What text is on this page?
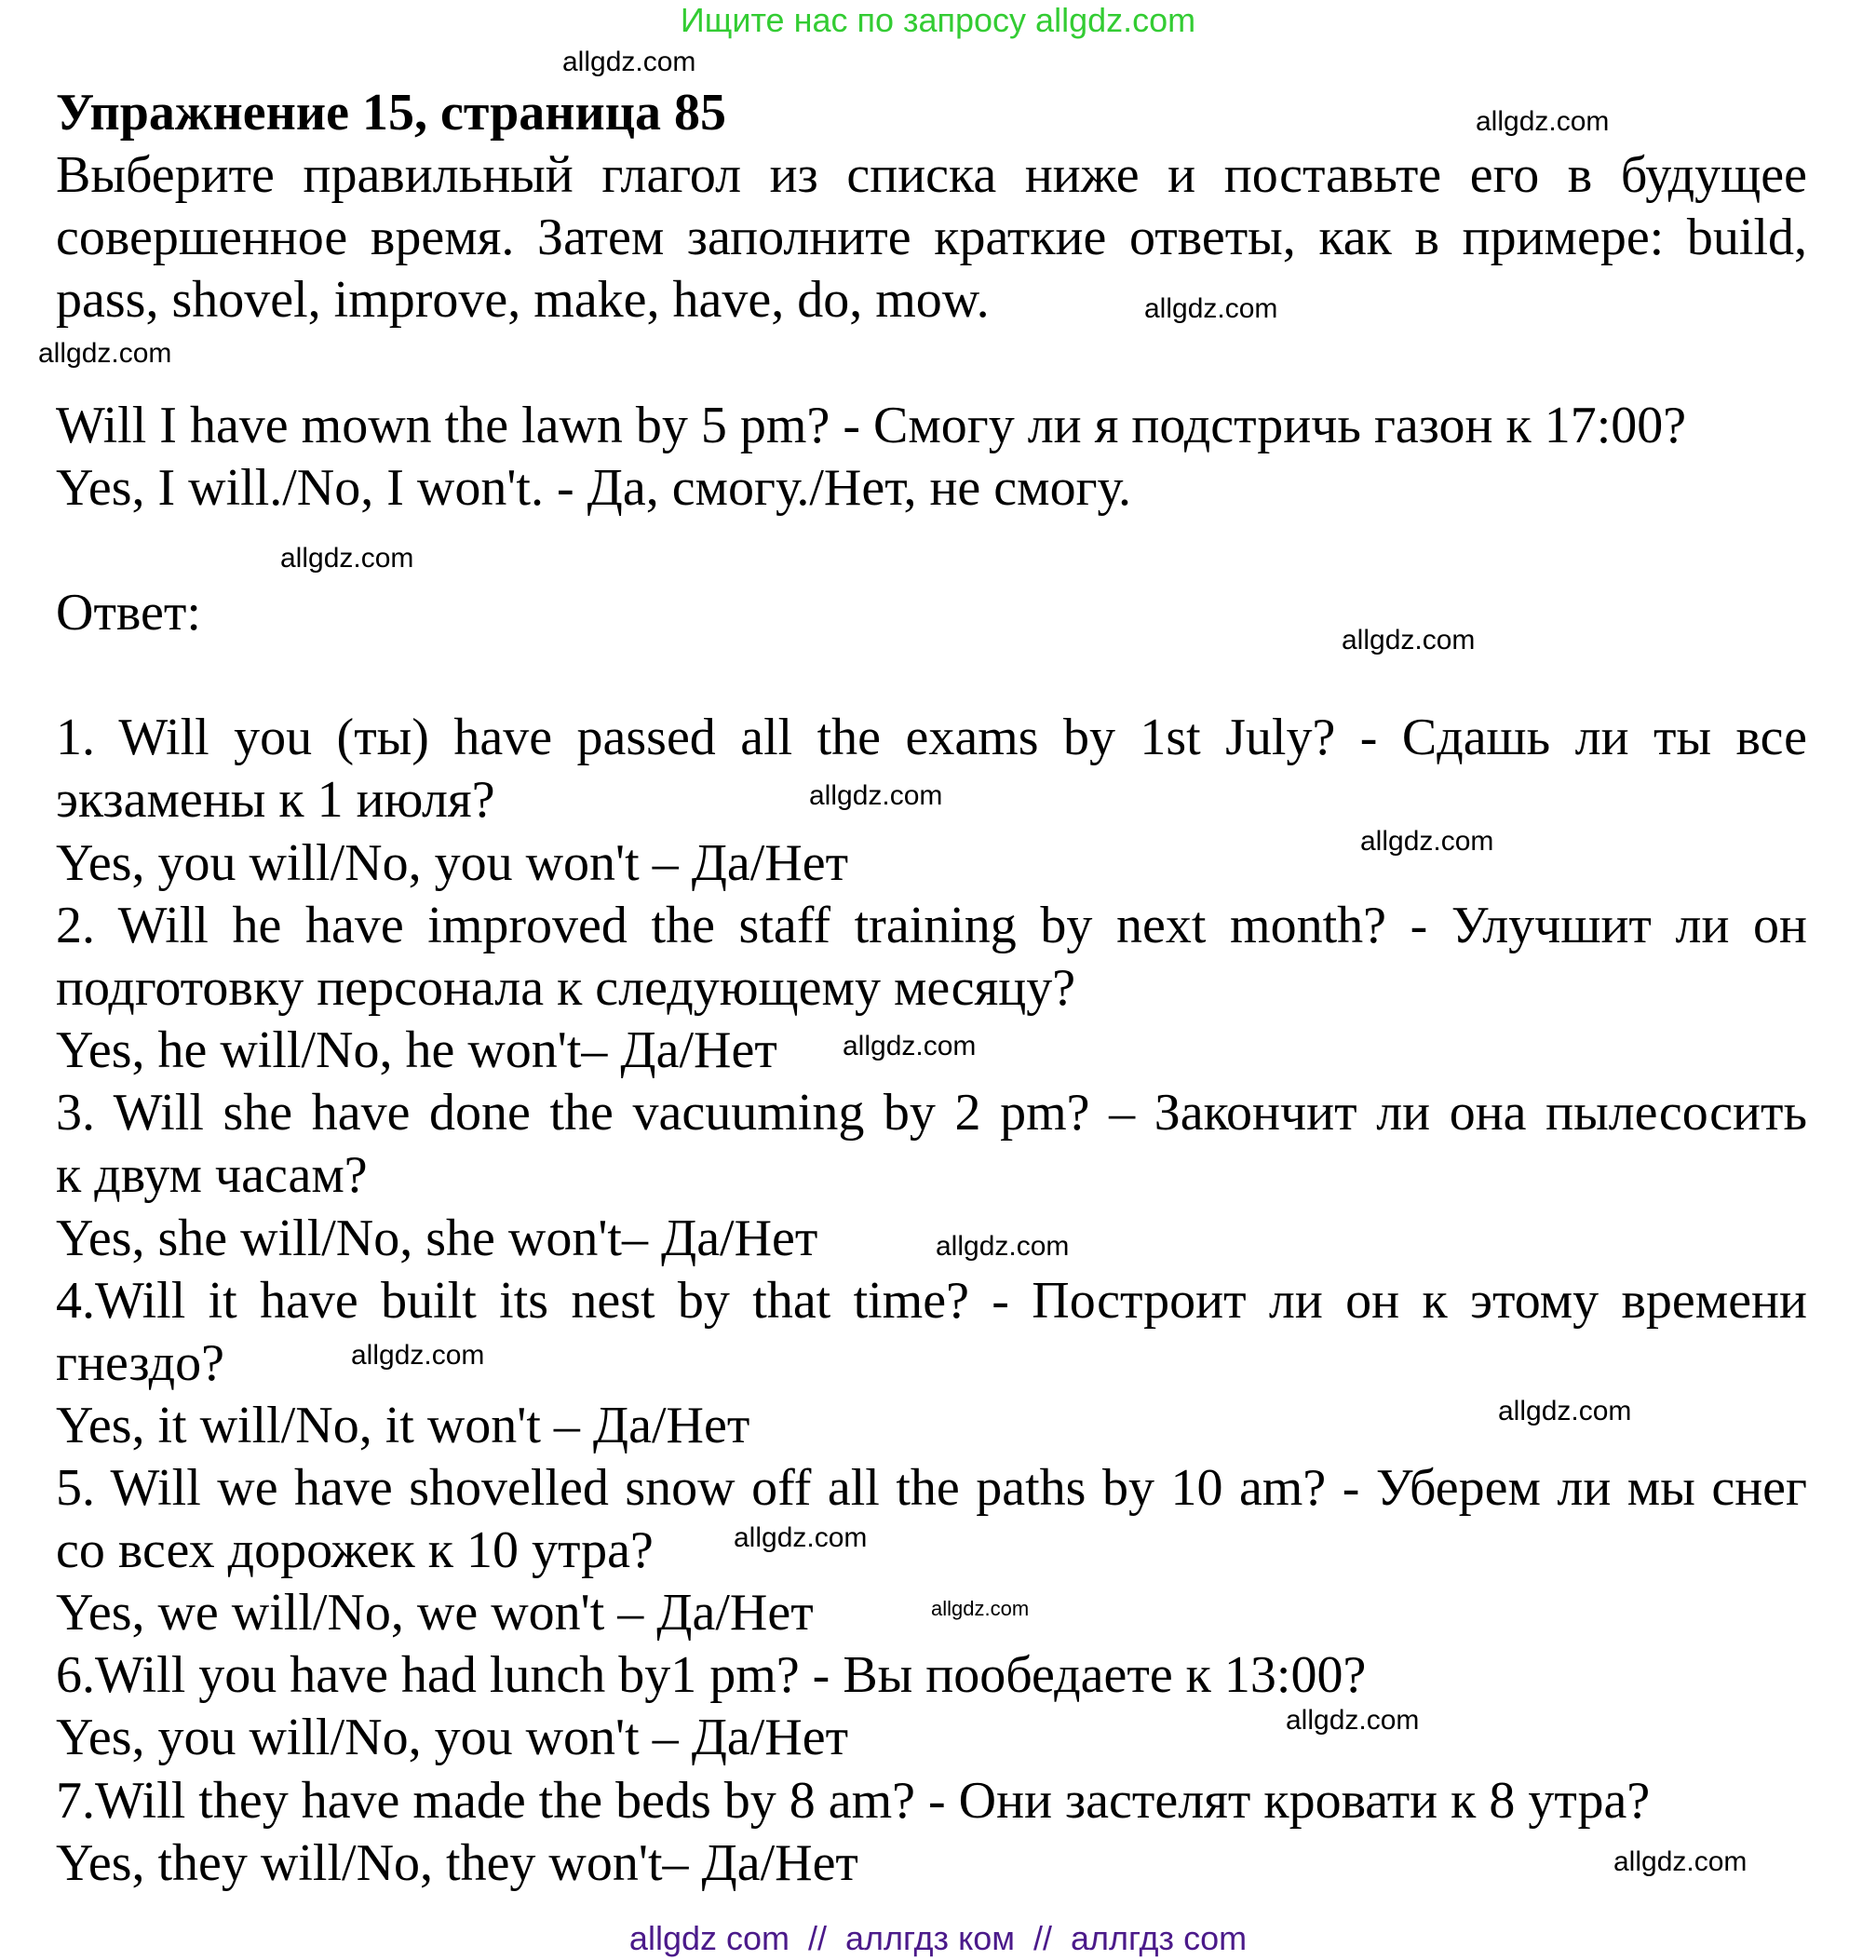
Ищите нас по запросу allgdz.com
Упражнение 15, страница 85
Выберите правильный глагол из списка ниже и поставьте его в будущее
совершенное время. Затем заполните краткие ответы, как в примере: build,
pass, shovel, improve, make, have, do, mow.
Will I have mown the lawn by 5 pm? - Смогу ли я подстричь газон к 17:00?
Yes, I will./No, I won't. - Да, смогу./Нет, не смогу.
Ответ:
1. Will you (ты) have passed all the exams by 1st July? - Сдашь ли ты все
экзамены к 1 июля?
Yes, you will/No, you won't – Да/Нет
2. Will he have improved the staff training by next month? - Улучшит ли он
подготовку персонала к следующему месяцу?
Yes, he will/No, he won't– Да/Нет
3. Will she have done the vacuuming by 2 pm? – Закончит ли она пылесосить
к двум часам?
Yes, she will/No, she won't– Да/Нет
4.Will it have built its nest by that time? - Построит ли он к этому времени
гнездо?
Yes, it will/No, it won't – Да/Нет
5. Will we have shovelled snow off all the paths by 10 am? - Уберем ли мы снег
со всех дорожек к 10 утра?
Yes, we will/No, we won't – Да/Нет
6.Will you have had lunch by1 pm? - Вы пообедаете к 13:00?
Yes, you will/No, you won't – Да/Нет
7.Will they have made the beds by 8 am? - Они застелят кровати к 8 утра?
Yes, they will/No, they won't– Да/Нет
allgdz.com
allgdz.com
allgdz.com
allgdz.com
allgdz.com
allgdz.com
allgdz.com
allgdz.com
allgdz.com
allgdz.com
allgdz.com
allgdz.com
allgdz.com
allgdz.com
allgdz.com
allgdz.com
allgdz com  //  аллгдз ком  //  аллгдз com
